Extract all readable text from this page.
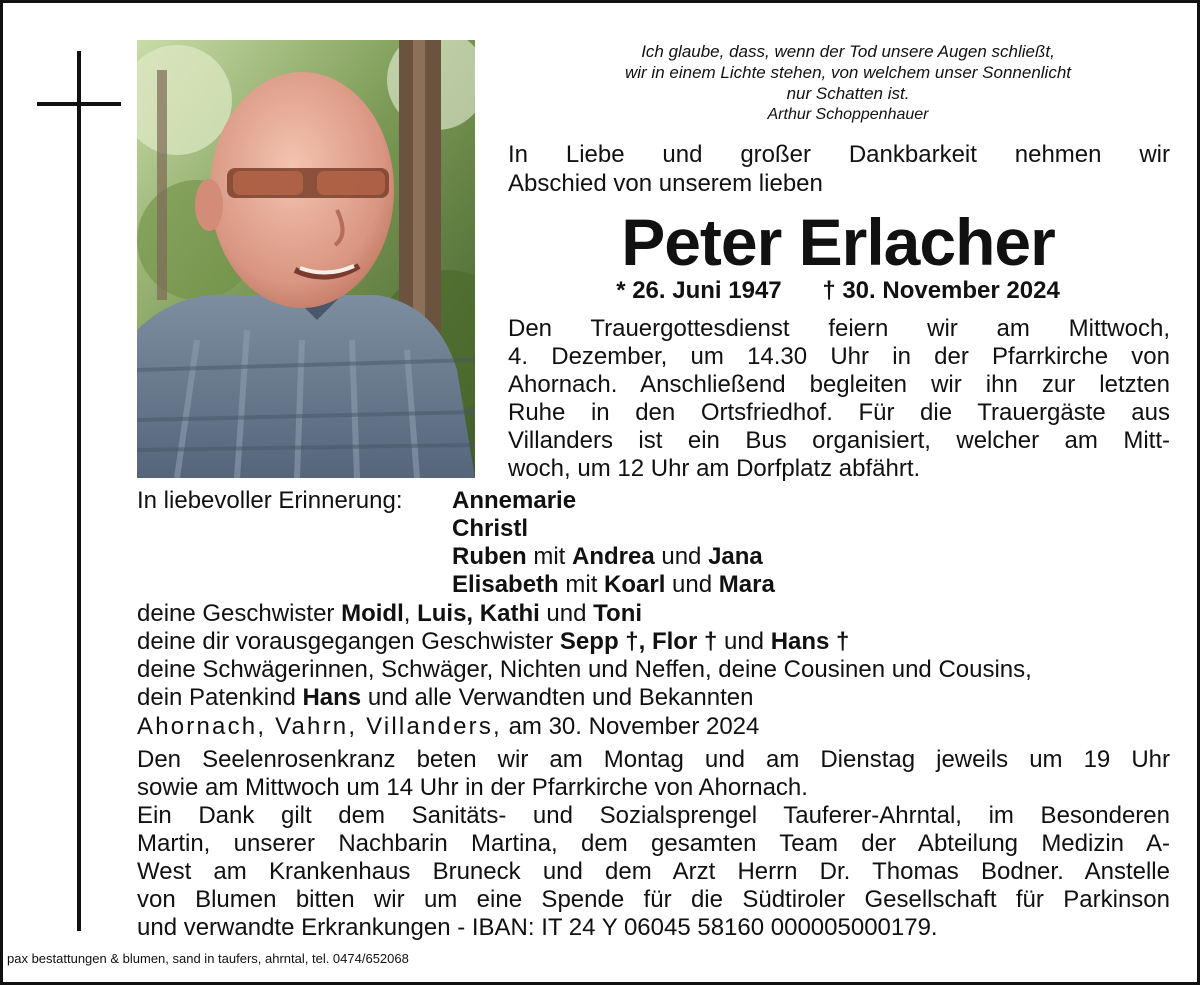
Ich glaube, dass, wenn der Tod unsere Augen schließt,
wir in einem Lichte stehen, von welchem unser Sonnenlicht
nur Schatten ist.
Arthur Schoppenhauer
In Liebe und großer Dankbarkeit nehmen wir
Abschied von unserem lieben
Peter Erlacher
* 26. Juni 1947 † 30. November 2024
Den Trauergottesdienst feiern wir am Mittwoch,
4. Dezember, um 14.30 Uhr in der Pfarrkirche von
Ahornach. Anschließend begleiten wir ihn zur letzten
Ruhe in den Ortsfriedhof. Für die Trauergäste aus
Villanders ist ein Bus organisiert, welcher am Mitt-
woch, um 12 Uhr am Dorfplatz abfährt.
In liebevoller Erinnerung: Annemarie
Christl
Ruben mit Andrea und Jana
Elisabeth mit Koarl und Mara
deine Geschwister Moidl, Luis, Kathi und Toni
deine dir vorausgegangen Geschwister Sepp †, Flor † und Hans †
deine Schwägerinnen, Schwäger, Nichten und Neffen, deine Cousinen und Cousins,
dein Patenkind Hans und alle Verwandten und Bekannten
Ahornach, Vahrn, Villanders, am 30. November 2024
Den Seelenrosenkranz beten wir am Montag und am Dienstag jeweils um 19 Uhr
sowie am Mittwoch um 14 Uhr in der Pfarrkirche von Ahornach.
Ein Dank gilt dem Sanitäts- und Sozialsprengel Tauferer-Ahrntal, im Besonderen
Martin, unserer Nachbarin Martina, dem gesamten Team der Abteilung Medizin A-
West am Krankenhaus Bruneck und dem Arzt Herrn Dr. Thomas Bodner. Anstelle
von Blumen bitten wir um eine Spende für die Südtiroler Gesellschaft für Parkinson
und verwandte Erkrankungen - IBAN: IT 24 Y 06045 58160 000005000179.
pax bestattungen & blumen, sand in taufers, ahrntal, tel. 0474/652068
